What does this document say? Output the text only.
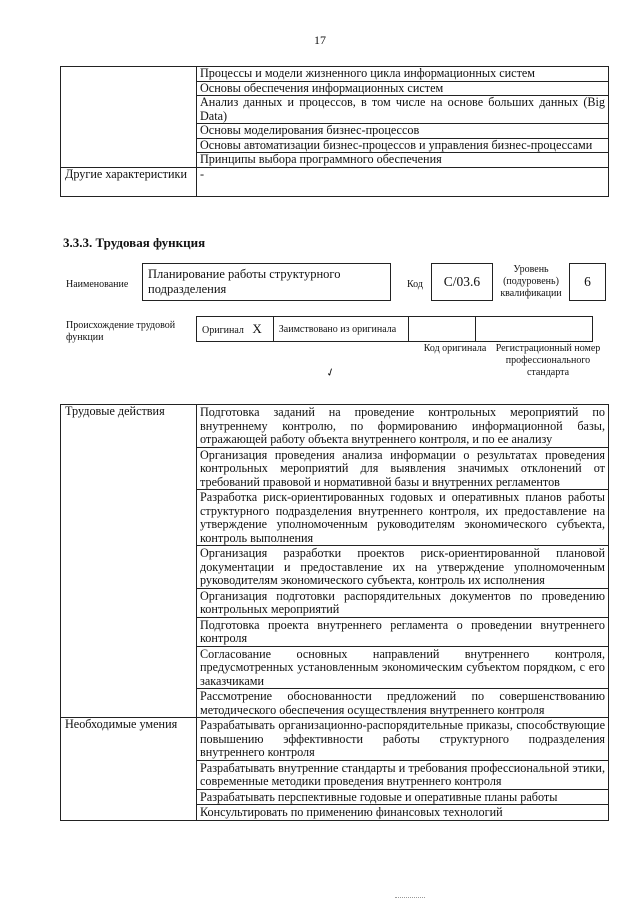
17
	Процессы и модели жизненного цикла информационных систем
	Основы обеспечения информационных систем
	Анализ данных и процессов, в том числе на основе больших данных (Big Data)
	Основы моделирования бизнес-процессов
	Основы автоматизации бизнес-процессов и управления бизнес-процессами
	Принципы выбора программного обеспечения
Другие характеристики	-
3.3.3. Трудовая функция
Наименование
Планирование работы структурного подразделения	Код	С/03.6
Уровень (подуровень) квалификации
6
Происхождение трудовой функции
Оригинал X	Заимствовано из оригинала		
Код оригинала Регистрационный номер профессионального стандарта
✓
Трудовые действия	Подготовка заданий на проведение контрольных мероприятий по внутреннему контролю, по формированию информационной базы, отражающей работу объекта внутреннего контроля, и по ее анализу
	Организация проведения анализа информации о результатах проведения контрольных мероприятий для выявления значимых отклонений от требований правовой и нормативной базы и внутренних регламентов
	Разработка риск-ориентированных годовых и оперативных планов работы структурного подразделения внутреннего контроля, их предоставление на утверждение уполномоченным руководителям экономического субъекта, контроль выполнения
	Организация разработки проектов риск-ориентированной плановой документации и предоставление их на утверждение уполномоченным руководителям экономического субъекта, контроль их исполнения
	Организация подготовки распорядительных документов по проведению контрольных мероприятий
	Подготовка проекта внутреннего регламента о проведении внутреннего контроля
	Согласование основных направлений внутреннего контроля, предусмотренных установленным экономическим субъектом порядком, с его заказчиками
	Рассмотрение обоснованности предложений по совершенствованию методического обеспечения осуществления внутреннего контроля
Необходимые умения	Разрабатывать организационно-распорядительные приказы, способствующие повышению эффективности работы структурного подразделения внутреннего контроля
	Разрабатывать внутренние стандарты и требования профессиональной этики, современные методики проведения внутреннего контроля
	Разрабатывать перспективные годовые и оперативные планы работы
	Консультировать по применению финансовых технологий
